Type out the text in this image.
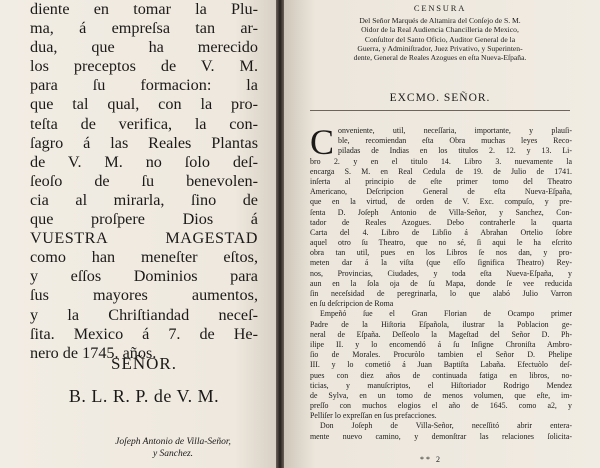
diente en tomar la Plu-
ma, á empreſsa tan ar-
dua, que ha merecido
los preceptos de V. M.
para ſu formacion: la
que tal qual, con la pro-
teſta de verifica, la con-
ſagro á las Reales Plantas
de V. M. no ſolo deſ-
ſeoſo de ſu benevolen-
cia al mirarla, ſino de
que proſpere Dios á
VUESTRA MAGESTAD
como han meneſter eſtos,
y eſſos Dominios para
ſus mayores aumentos,
y la Chriſtiandad neceſ-
ſita. Mexico á 7. de He-
nero de 1745. años.
SEÑOR.
B. L. R. P. de V. M.
Joſeph Antonio de Villa-Señor,
y Sanchez.
CENSURA
Del Señor Marqués de Altamira del Conſejo de S. M.
Oidor de la Real Audiencia Chancilleria de Mexico,
Conſultor del Santo Oficio, Auditor General de la
Guerra, y Adminiſtrador, Juez Privativo, y Superinten-
dente, General de Reales Azogues en eſta Nueva-Eſpaña.
EXCMO. SEÑOR.
C onveniente, util, neceſſaria, importante, y plauſi-
ble, recomiendan eſta Obra muchas leyes Reco-
piladas de Indias en los titulos 2. 12. y 13. Li-
bro 2. y en el titulo 14. Libro 3. nuevamente la
encarga S. M. en Real Cedula de 19. de Julio de 1741.
inſerta al principio de eſte primer tomo del Theatro
Americano, Deſcripcion General de eſta Nueva-Eſpaña,
que en la virtud, de orden de V. Exc. compuſo, y pre-
ſenta D. Joſeph Antonio de Villa-Señor, y Sanchez, Con-
tador de Reales Azogues. Debo contraherle la quarta
Carta del 4. Libro de Libſio á Abrahan Ortelio ſobre
aquel otro ſu Theatro, que no sé, ſi aqui le ha eſcrito
obra tan util, pues en los Libros ſe nos dan, y pro-
meten dar á la viſta (que eſſo ſignifica Theatro) Rey-
nos, Provincias, Ciudades, y toda eſta Nueva-Eſpaña, y
aun en la ſola oja de ſu Mapa, donde ſe vee reducida
ſin neceſsidad de peregrinarla, lo que alabó Julio Varron
en ſu deſcripcion de Roma
Empeñó ſue el Gran Florian de Ocampo primer
Padre de la Hiſtoria Eſpañola, ilustrar la Poblacion ge-
neral de Eſpaña. Deſſeolo la Mageſtad del Señor D. Ph-
ilipe II. y lo encomendó á ſu Inſigne Chroniſta Ambro-
ſio de Morales. Procuròlo tambien el Señor D. Phelipe
III. y lo cometió á Juan Baptiſta Labaña. Efectuòlo deſ-
pues con diez años de continuada fatiga en libros, no-
ticias, y manuſcriptos, el Hiſtoriador Rodrigo Mendez
de Sylva, en un tomo de menos volumen, que eſte, im-
preſſo con muchos elogios el año de 1645. como a2, y
Pelliſer lo expreſſan en ſus prefacciones.
Don Joſeph de Villa-Señor, neceſſitó abrir entera-
mente nuevo camino, y demonſtrar las relaciones ſolicita-
** 2
